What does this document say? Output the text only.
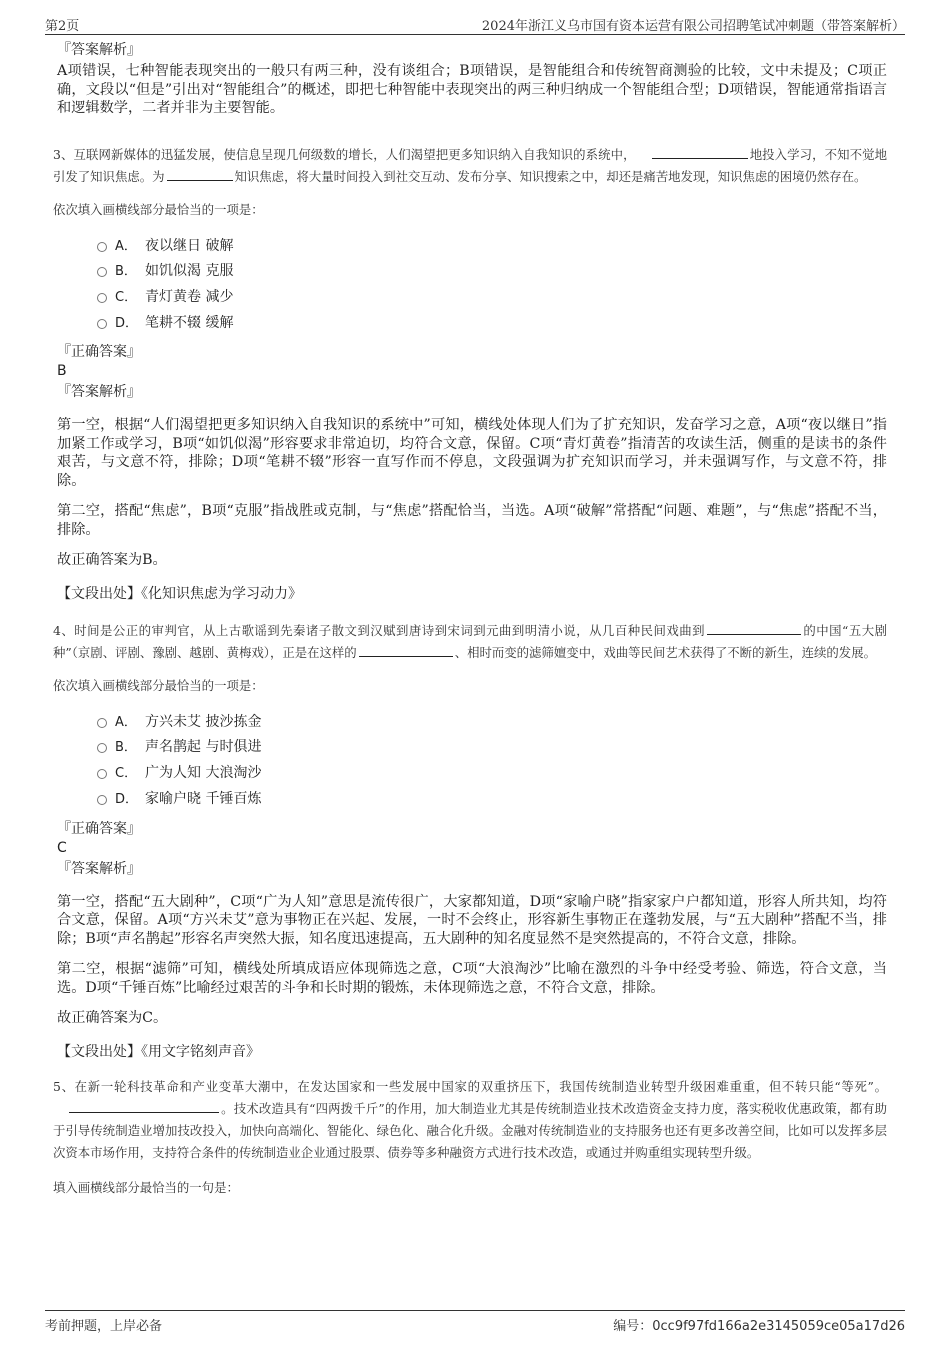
第2页	2024年浙江义乌市国有资本运营有限公司招聘笔试冲刺题（带答案解析）
『答案解析』
A项错误，七种智能表现突出的一般只有两三种，没有谈组合；B项错误，是智能组合和传统智商测验的比较，文中未提及；C项正确，文段以“但是”引出对“智能组合”的概述，即把七种智能中表现突出的两三种归纳成一个智能组合型；D项错误，智能通常指语言和逻辑数学，二者并非为主要智能。
3、互联网新媒体的迅猛发展，使信息呈现几何级数的增长，人们渴望把更多知识纳入自我知识的系统中，	地投入学习，不知不觉地引发了知识焦虑。为	知识焦虑，将大量时间投入到社交互动、发布分享、知识搜索之中，却还是痛苦地发现，知识焦虑的困境仍然存在。
依次填入画横线部分最恰当的一项是：
A． 夜以继日 破解
B． 如饥似渴 克服
C． 青灯黄卷 减少
D． 笔耕不辍 缓解
『正确答案』
B
『答案解析』
第一空，根据“人们渴望把更多知识纳入自我知识的系统中”可知，横线处体现人们为了扩充知识，发奋学习之意，A项“夜以继日”指加紧工作或学习，B项“如饥似渴”形容要求非常迫切，均符合文意，保留。C项“青灯黄卷”指清苦的攻读生活，侧重的是读书的条件艰苦，与文意不符，排除；D项“笔耕不辍”形容一直写作而不停息，文段强调为扩充知识而学习，并未强调写作，与文意不符，排除。
第二空，搭配“焦虑”，B项“克服”指战胜或克制，与“焦虑”搭配恰当，当选。A项“破解”常搭配“问题、难题”，与“焦虑”搭配不当，排除。
故正确答案为B。
【文段出处】《化知识焦虑为学习动力》
4、时间是公正的审判官，从上古歌谣到先秦诸子散文到汉赋到唐诗到宋词到元曲到明清小说，从几百种民间戏曲到	的中国“五大剧种”（京剧、评剧、豫剧、越剧、黄梅戏），正是在这样的	、相时而变的滤筛嬗变中，戏曲等民间艺术获得了不断的新生，连续的发展。
依次填入画横线部分最恰当的一项是：
A． 方兴未艾 披沙拣金
B． 声名鹊起 与时俱进
C． 广为人知 大浪淘沙
D． 家喻户晓 千锤百炼
『正确答案』
C
『答案解析』
第一空，搭配“五大剧种”，C项“广为人知”意思是流传很广，大家都知道，D项“家喻户晓”指家家户户都知道，形容人所共知，均符合文意，保留。A项“方兴未艾”意为事物正在兴起、发展，一时不会终止，形容新生事物正在蓬勃发展，与“五大剧种”搭配不当，排除；B项“声名鹊起”形容名声突然大振，知名度迅速提高，五大剧种的知名度显然不是突然提高的，不符合文意，排除。
第二空，根据“滤筛”可知，横线处所填成语应体现筛选之意，C项“大浪淘沙”比喻在激烈的斗争中经受考验、筛选，符合文意，当选。D项“千锤百炼”比喻经过艰苦的斗争和长时期的锻炼，未体现筛选之意，不符合文意，排除。
故正确答案为C。
【文段出处】《用文字铭刻声音》
5、在新一轮科技革命和产业变革大潮中，在发达国家和一些发展中国家的双重挤压下，我国传统制造业转型升级困难重重，但不转只能“等死”。。技术改造具有“四两拨千斤”的作用，加大制造业尤其是传统制造业技术改造资金支持力度，落实税收优惠政策，都有助于引导传统制造业增加技改投入，加快向高端化、智能化、绿色化、融合化升级。金融对传统制造业的支持服务也还有更多改善空间，比如可以发挥多层次资本市场作用，支持符合条件的传统制造业企业通过股票、债券等多种融资方式进行技术改造，或通过并购重组实现转型升级。
填入画横线部分最恰当的一句是：
考前押题，上岸必备	编号：0cc9f97fd166a2e3145059ce05a17d26
